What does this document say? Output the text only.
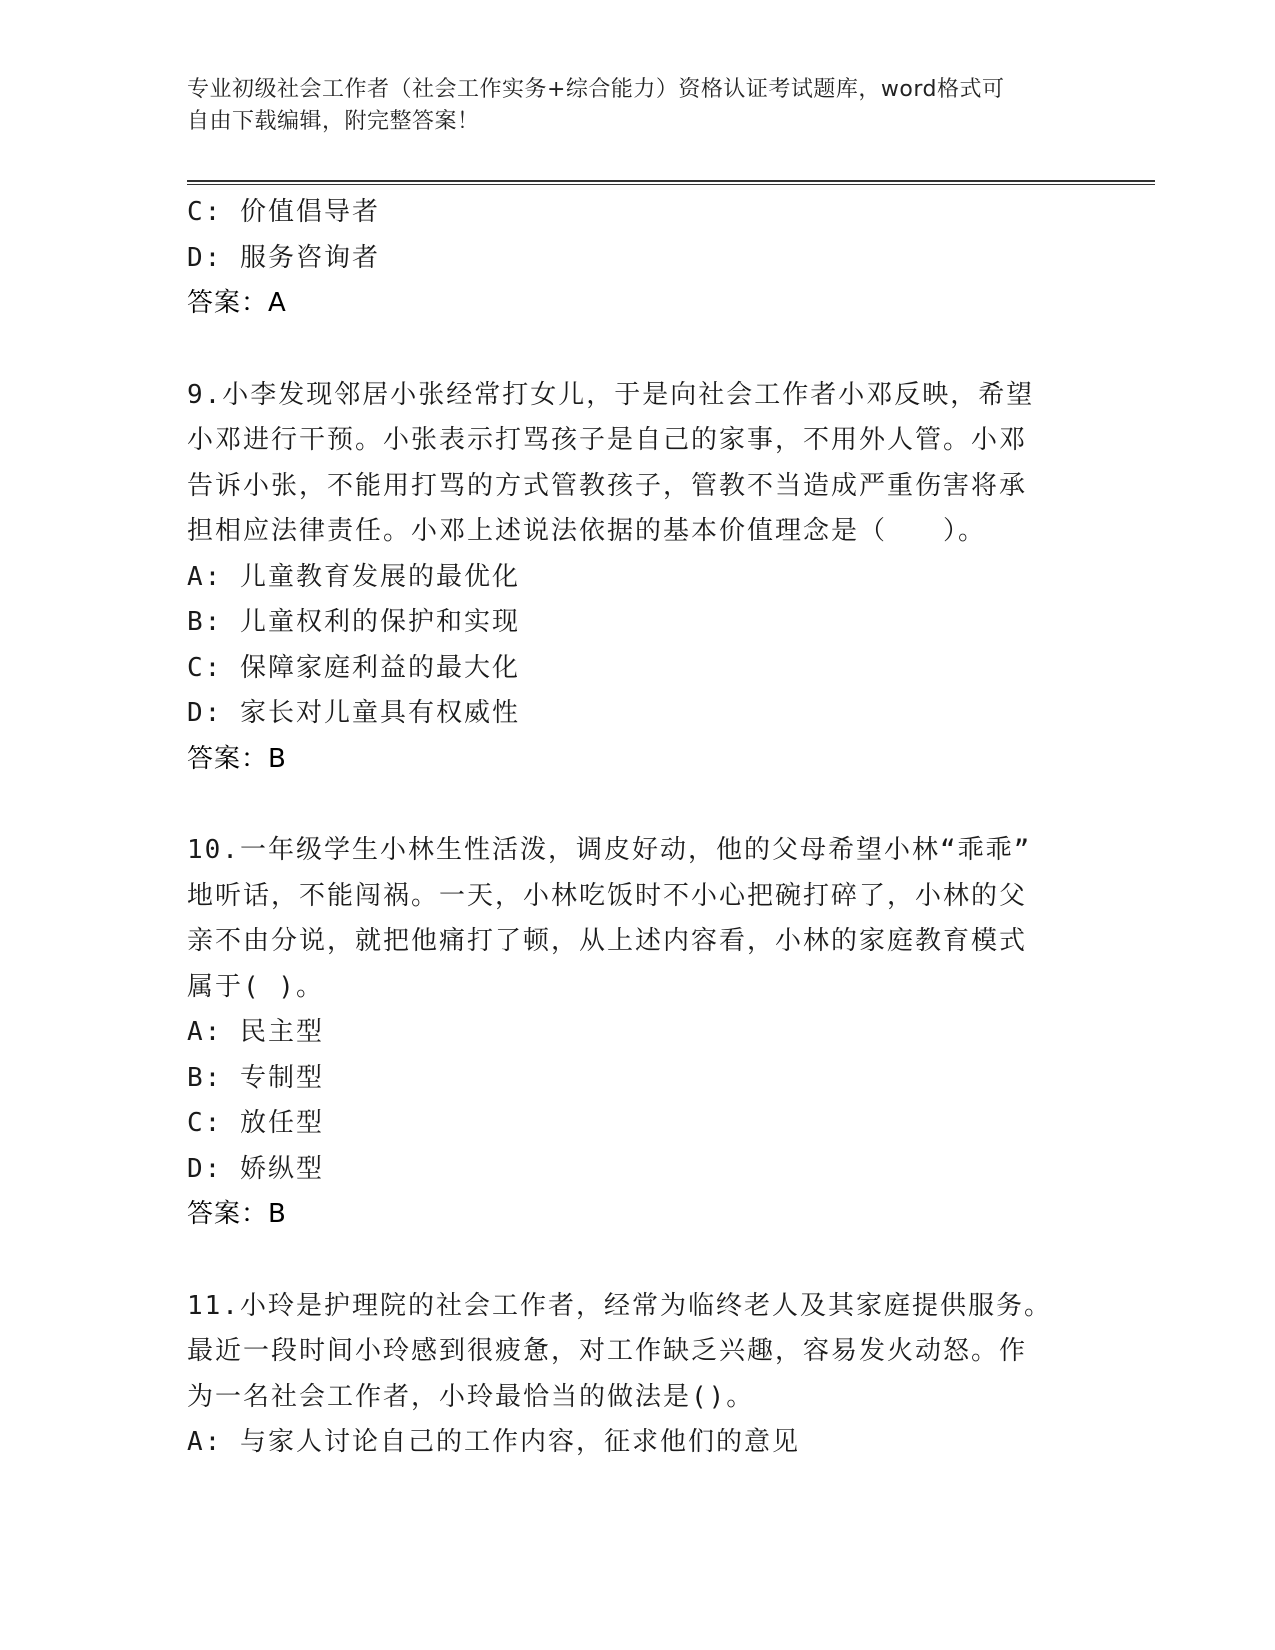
专业初级社会工作者（社会工作实务+综合能力）资格认证考试题库，word格式可
自由下载编辑，附完整答案！
C: 价值倡导者
D: 服务咨询者
答案：A
9.小李发现邻居小张经常打女儿，于是向社会工作者小邓反映，希望
小邓进行干预。小张表示打骂孩子是自己的家事，不用外人管。小邓
告诉小张，不能用打骂的方式管教孩子，管教不当造成严重伤害将承
担相应法律责任。小邓上述说法依据的基本价值理念是（　　）。
A: 儿童教育发展的最优化
B: 儿童权利的保护和实现
C: 保障家庭利益的最大化
D: 家长对儿童具有权威性
答案：B
10.一年级学生小林生性活泼，调皮好动，他的父母希望小林“乖乖”
地听话，不能闯祸。一天，小林吃饭时不小心把碗打碎了，小林的父
亲不由分说，就把他痛打了顿，从上述内容看，小林的家庭教育模式
属于( )。
A: 民主型
B: 专制型
C: 放任型
D: 娇纵型
答案：B
11.小玲是护理院的社会工作者，经常为临终老人及其家庭提供服务。
最近一段时间小玲感到很疲惫，对工作缺乏兴趣，容易发火动怒。作
为一名社会工作者，小玲最恰当的做法是()。
A: 与家人讨论自己的工作内容，征求他们的意见
